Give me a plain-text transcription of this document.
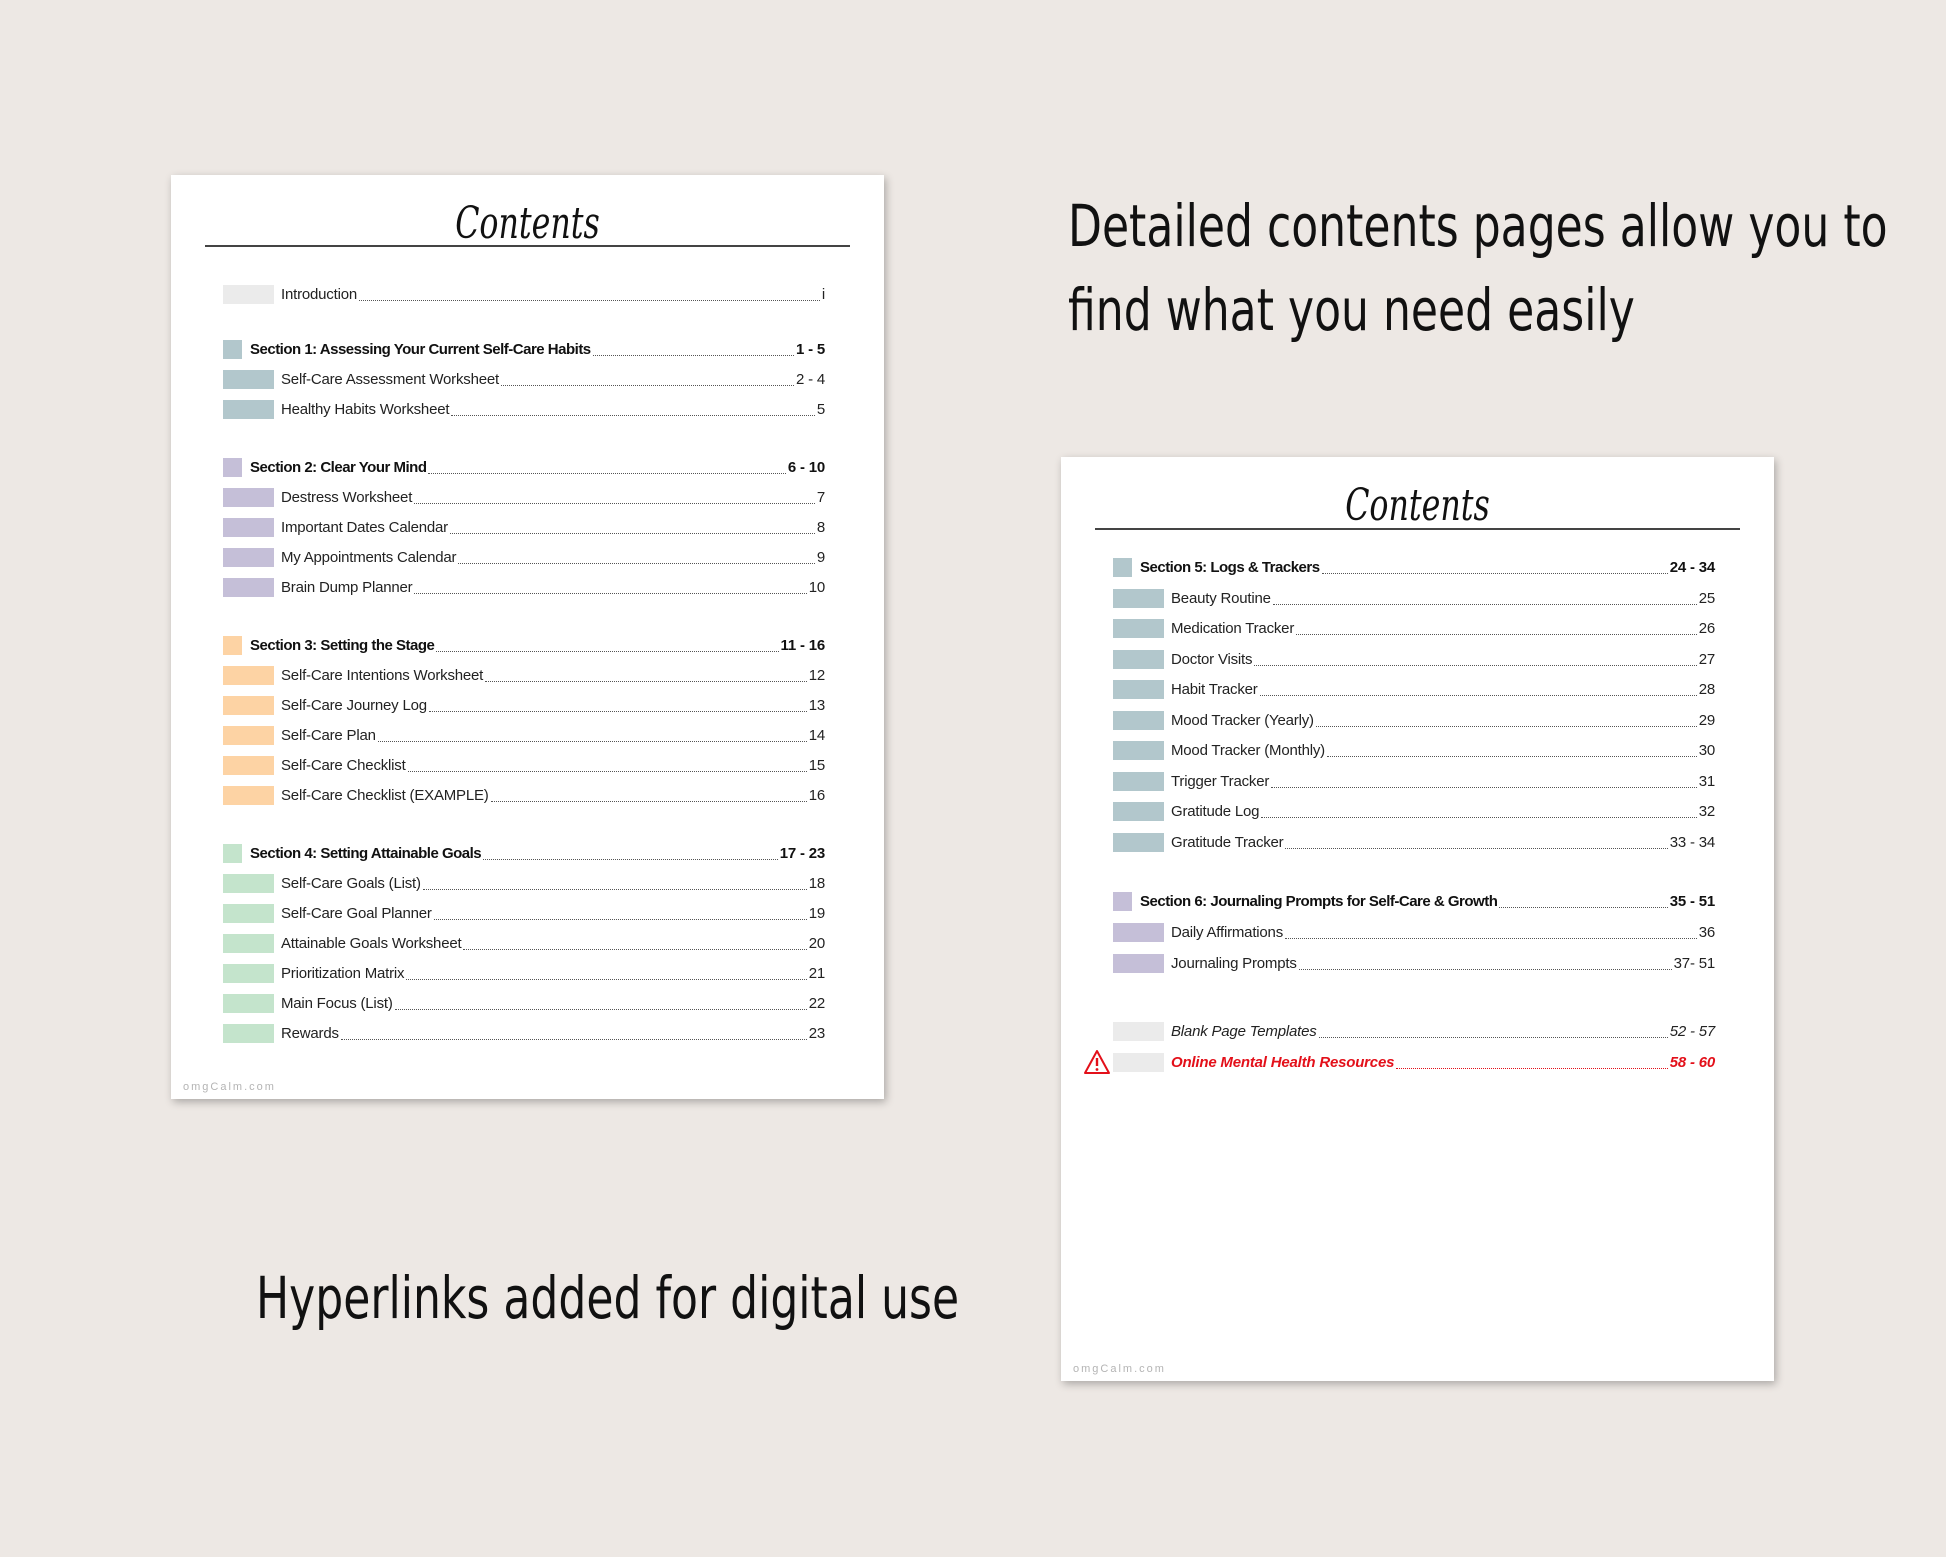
Detailed contents pages allow you to
find what you need easily
Hyperlinks added for digital use
Contents
Introduction	i
Section 1: Assessing Your Current Self-Care Habits	1 - 5
Self-Care Assessment Worksheet	2 - 4
Healthy Habits Worksheet	5
Section 2: Clear Your Mind	6 - 10
Destress Worksheet	7
Important Dates Calendar	8
My Appointments Calendar	9
Brain Dump Planner	10
Section 3: Setting the Stage	11 - 16
Self-Care Intentions Worksheet	12
Self-Care Journey Log	13
Self-Care Plan	14
Self-Care Checklist	15
Self-Care Checklist (EXAMPLE)	16
Section 4: Setting Attainable Goals	17 - 23
Self-Care Goals (List)	18
Self-Care Goal Planner	19
Attainable Goals Worksheet	20
Prioritization Matrix	21
Main Focus (List)	22
Rewards	23
omgCalm.com
Contents
Section 5: Logs & Trackers	24 - 34
Beauty Routine	25
Medication Tracker	26
Doctor Visits	27
Habit Tracker	28
Mood Tracker (Yearly)	29
Mood Tracker (Monthly)	30
Trigger Tracker	31
Gratitude Log	32
Gratitude Tracker	33 - 34
Section 6: Journaling Prompts for Self-Care & Growth	35 - 51
Daily Affirmations	36
Journaling Prompts	37- 51
Blank Page Templates	52 - 57
Online Mental Health Resources	58 - 60
omgCalm.com
